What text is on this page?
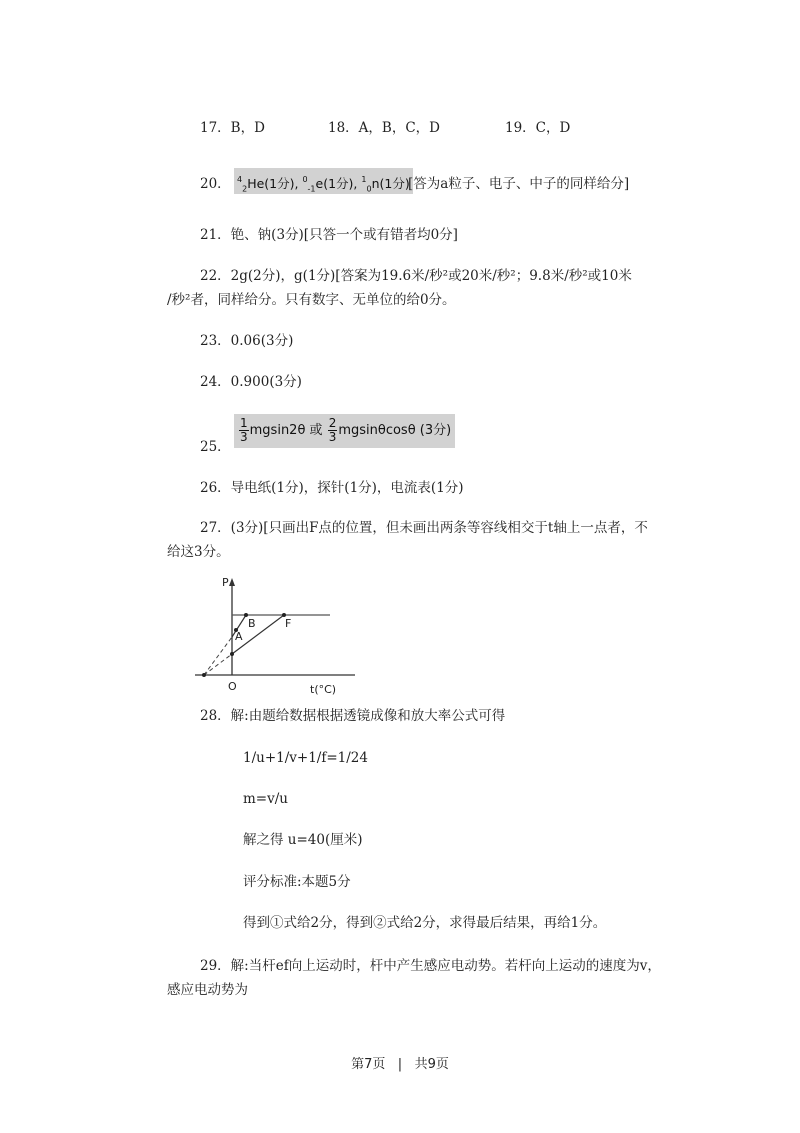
17．B，D	18．A，B，C，D	19．C，D
20． $^4_2$He(1分), $^0_{-1}$e(1分), $^1_0$n(1分)
[答为a粒子、电子、中子的同样给分]
21．铯、钠(3分)[只答一个或有错者均0分]
22．2g(2分)，g(1分)[答案为19.6米/秒²或20米/秒²；9.8米/秒²或10米
/秒²者，同样给分。只有数字、无单位的给0分。
23．0.06(3分)
24．0.900(3分)
25．
$\frac{1}{3} mgsin2\theta$ 或 $\frac{2}{3}$ mgsinθcosθ (3分)
26．导电纸(1分)，探针(1分)，电流表(1分)
27．(3分)[只画出F点的位置，但未画出两条等容线相交于t轴上一点者，不
给这3分。
P
A
B	F
O	t(°C)
28．解:由题给数据根据透镜成像和放大率公式可得
1/u+1/v+1/f=1/24
m=v/u
解之得 u=40(厘米)
评分标准:本题5分
得到①式给2分，得到②式给2分，求得最后结果，再给1分。
29．解:当杆ef向上运动时，杆中产生感应电动势。若杆向上运动的速度为v，
感应电动势为
第7页 | 共9页
